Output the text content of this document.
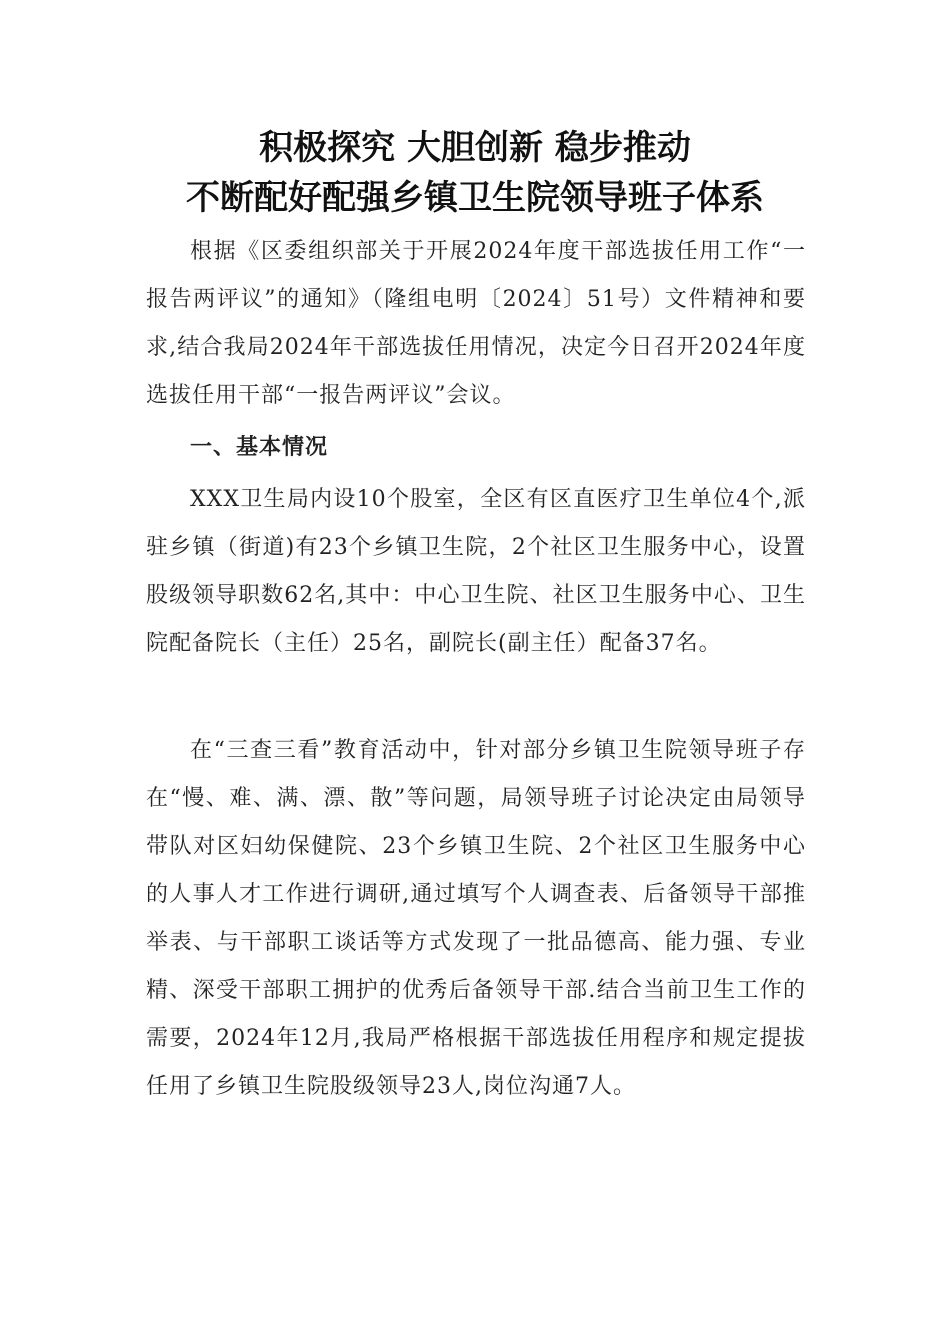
积极探究 大胆创新 稳步推动
不断配好配强乡镇卫生院领导班子体系

根据《区委组织部关于开展2024年度干部选拔任用工作“一报告两评议”的通知》（隆组电明〔2024〕51号）文件精神和要求,结合我局2024年干部选拔任用情况，决定今日召开2024年度选拔任用干部“一报告两评议”会议。

一、基本情况

XXX卫生局内设10个股室，全区有区直医疗卫生单位4个,派驻乡镇（街道)有23个乡镇卫生院，2个社区卫生服务中心，设置股级领导职数62名,其中：中心卫生院、社区卫生服务中心、卫生院配备院长（主任）25名，副院长(副主任）配备37名。

在“三查三看”教育活动中，针对部分乡镇卫生院领导班子存在“慢、难、满、漂、散”等问题，局领导班子讨论决定由局领导带队对区妇幼保健院、23个乡镇卫生院、2个社区卫生服务中心的人事人才工作进行调研,通过填写个人调查表、后备领导干部推举表、与干部职工谈话等方式发现了一批品德高、能力强、专业精、深受干部职工拥护的优秀后备领导干部.结合当前卫生工作的需要，2024年12月,我局严格根据干部选拔任用程序和规定提拔任用了乡镇卫生院股级领导23人,岗位沟通7人。
